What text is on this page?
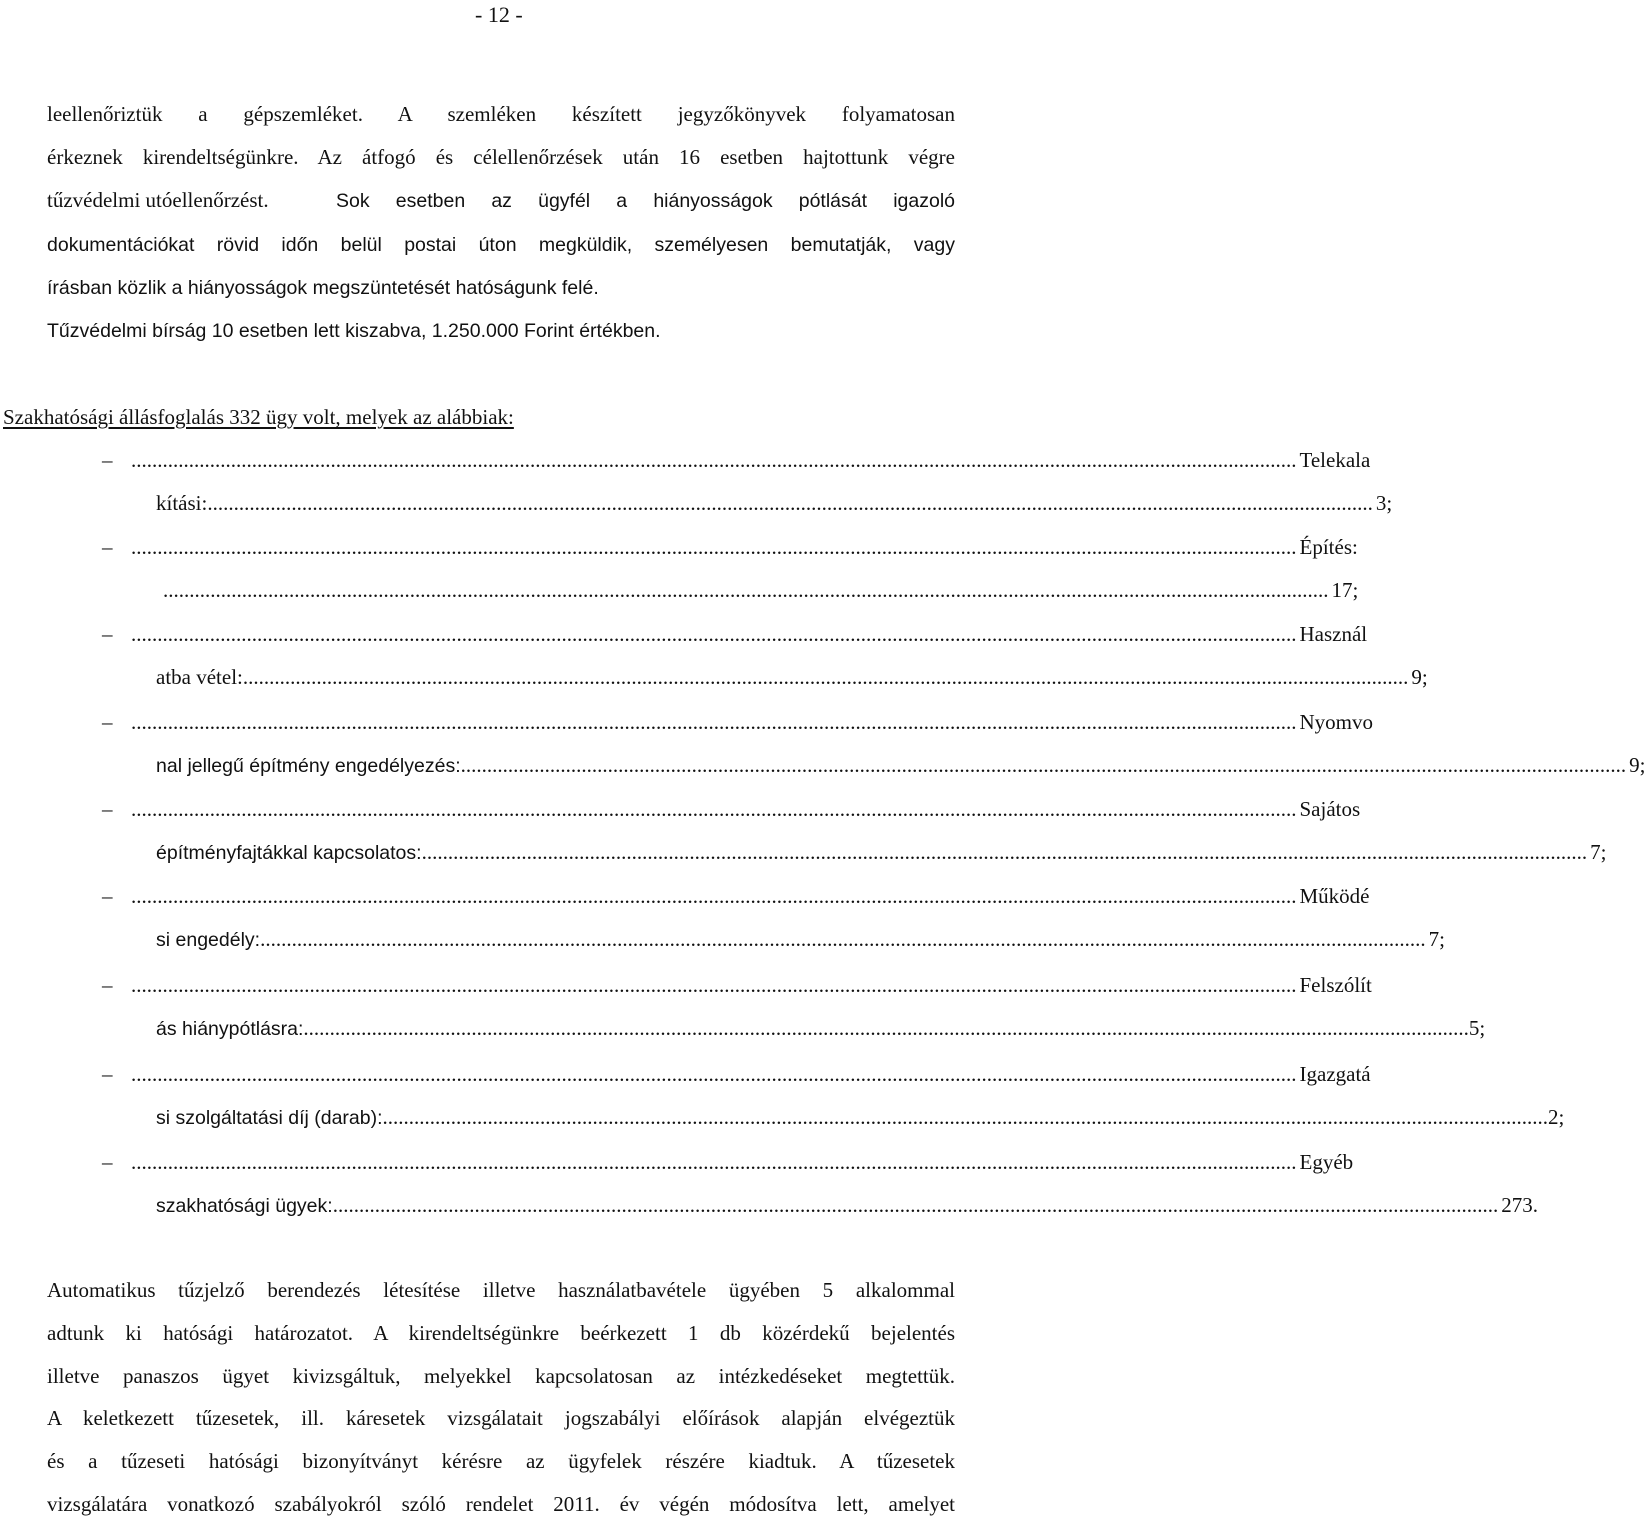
- 12 -
leellenőriztük a gépszemléket. A szemléken készített jegyzőkönyvek folyamatosan
érkeznek kirendeltségünkre. Az átfogó és célellenőrzések után 16 esetben hajtottunk végre
tűzvédelmi utóellenőrzést.	Sok esetben az ügyfél a hiányosságok pótlását igazoló
dokumentációkat rövid időn belül postai úton megküldik, személyesen bemutatják, vagy
írásban közlik a hiányosságok megszüntetését hatóságunk felé.
Tűzvédelmi bírság 10 esetben lett kiszabva, 1.250.000 Forint értékben.
Szakhatósági állásfoglalás 332 ügy volt, melyek az alábbiak:
– .............................................................................................................................................................................................................................. Telekala
kítási: .............................................................................................................................................................................................................................. 3;
– .............................................................................................................................................................................................................................. Építés:
.............................................................................................................................................................................................................................. 17;
– .............................................................................................................................................................................................................................. Használ
atba vétel: .............................................................................................................................................................................................................................. 9;
– .............................................................................................................................................................................................................................. Nyomvo
nal jellegű építmény engedélyezés: .............................................................................................................................................................................................................................. 9;
– .............................................................................................................................................................................................................................. Sajátos
építményfajtákkal kapcsolatos: .............................................................................................................................................................................................................................. 7;
– .............................................................................................................................................................................................................................. Működé
si engedély: .............................................................................................................................................................................................................................. 7;
– .............................................................................................................................................................................................................................. Felszólít
ás hiánypótlásra: .............................................................................................................................................................................................................................. 5;
– .............................................................................................................................................................................................................................. Igazgatá
si szolgáltatási díj (darab): .............................................................................................................................................................................................................................. 2;
– .............................................................................................................................................................................................................................. Egyéb
szakhatósági ügyek: .............................................................................................................................................................................................................................. 273.
Automatikus tűzjelző berendezés létesítése illetve használatbavétele ügyében 5 alkalommal
adtunk ki hatósági határozatot. A kirendeltségünkre beérkezett 1 db közérdekű bejelentés
illetve panaszos ügyet kivizsgáltuk, melyekkel kapcsolatosan az intézkedéseket megtettük.
A keletkezett tűzesetek, ill. káresetek vizsgálatait jogszabályi előírások alapján elvégeztük
és a tűzeseti hatósági bizonyítványt kérésre az ügyfelek részére kiadtuk. A tűzesetek
vizsgálatára vonatkozó szabályokról szóló rendelet 2011. év végén módosítva lett, amelyet
